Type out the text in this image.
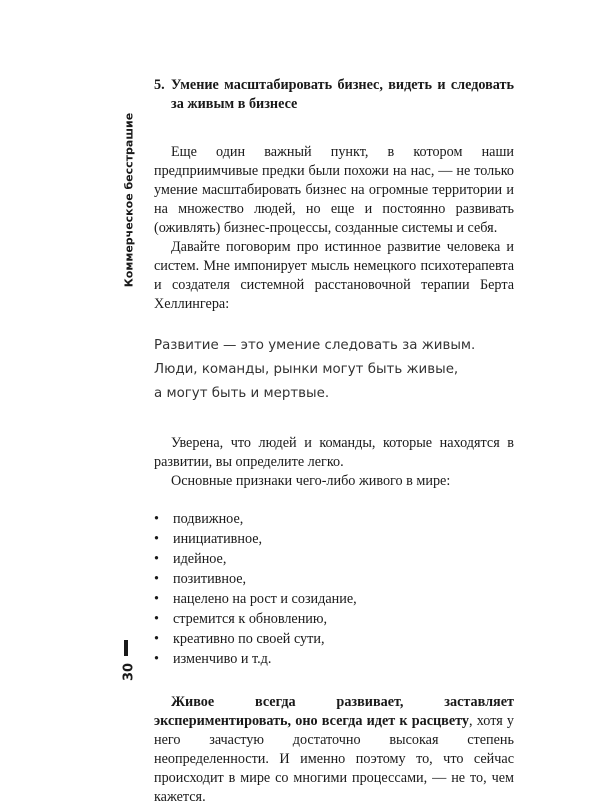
Коммерческое бесстрашие
30
5. Умение масштабировать бизнес, видеть и следовать за живым в бизнесе

Еще один важный пункт, в котором наши предприимчивые предки были похожи на нас, — не только умение масштабировать бизнес на огромные территории и на множество людей, но еще и постоянно развивать (оживлять) бизнес-процессы, созданные системы и себя.

Давайте поговорим про истинное развитие человека и систем. Мне импонирует мысль немецкого психотерапевта и создателя системной расстановочной терапии Берта Хеллингера:

Развитие — это умение следовать за живым.
Люди, команды, рынки могут быть живые,
а могут быть и мертвые.

Уверена, что людей и команды, которые находятся в развитии, вы определите легко.

Основные признаки чего-либо живого в мире:

• подвижное,
• инициативное,
• идейное,
• позитивное,
• нацелено на рост и созидание,
• стремится к обновлению,
• креативно по своей сути,
• изменчиво и т.д.

Живое всегда развивает, заставляет экспериментировать, оно всегда идет к расцвету, хотя у него зачастую достаточно высокая степень неопределенности. И именно поэтому то, что сейчас происходит в мире со многими процессами, — не то, чем кажется.
